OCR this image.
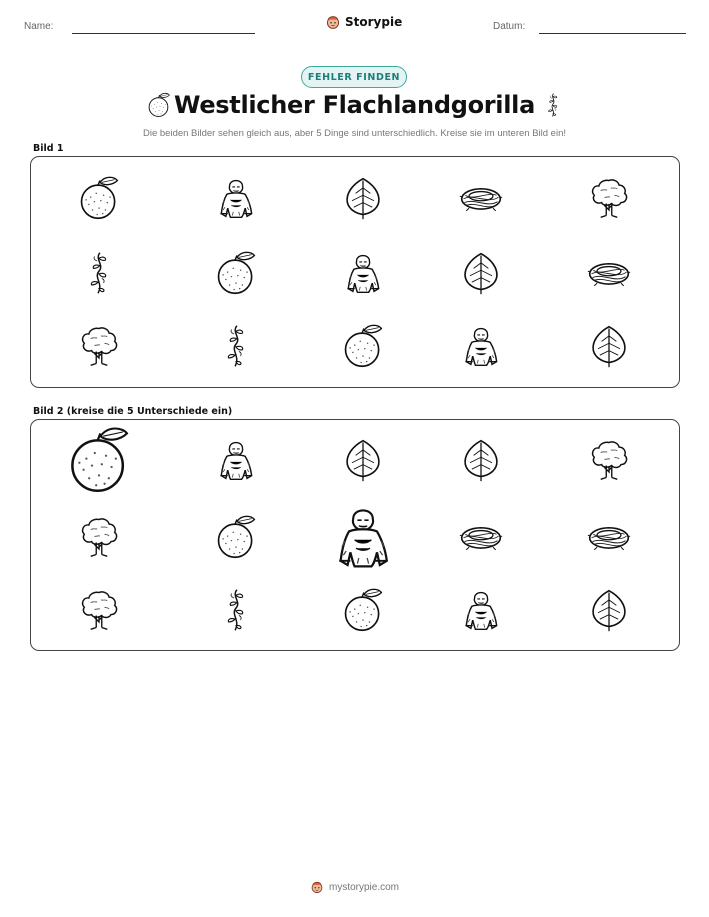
Name:	Storypie	Datum:
FEHLER FINDEN
Westlicher Flachlandgorilla
Die beiden Bilder sehen gleich aus, aber 5 Dinge sind unterschiedlich. Kreise sie im unteren Bild ein!
Bild 1
Bild 2 (kreise die 5 Unterschiede ein)
mystorypie.com
